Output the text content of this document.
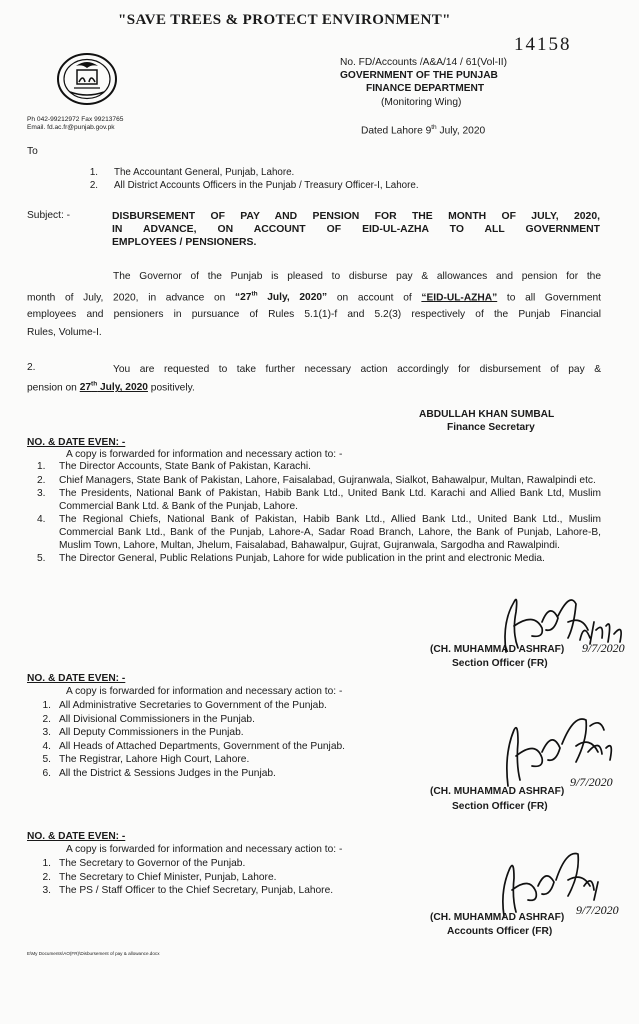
"SAVE TREES & PROTECT ENVIRONMENT"
14158
Ph 042-99212972 Fax 99213765
Email. fd.ac.fr@punjab.gov.pk
No. FD/Accounts /A&A/14 / 61(Vol-II)
GOVERNMENT OF THE PUNJAB
FINANCE DEPARTMENT
(Monitoring Wing)
Dated Lahore 9th July, 2020
To
1. The Accountant General, Punjab, Lahore.
2. All District Accounts Officers in the Punjab / Treasury Officer-I, Lahore.
Subject: -	DISBURSEMENT OF PAY AND PENSION FOR THE MONTH OF JULY, 2020,
IN ADVANCE, ON ACCOUNT OF EID-UL-AZHA TO ALL GOVERNMENT
EMPLOYEES / PENSIONERS.
The Governor of the Punjab is pleased to disburse pay & allowances and pension for the
month of July, 2020, in advance on “27th July, 2020” on account of “EID-UL-AZHA” to all Government
employees and pensioners in pursuance of Rules 5.1(1)-f and 5.2(3) respectively of the Punjab Financial
Rules, Volume-I.
2.	You are requested to take further necessary action accordingly for disbursement of pay &
pension on 27th July, 2020 positively.
ABDULLAH KHAN SUMBAL
Finance Secretary
NO. & DATE EVEN: -
A copy is forwarded for information and necessary action to: -
1.	The Director Accounts, State Bank of Pakistan, Karachi.
2.	Chief Managers, State Bank of Pakistan, Lahore, Faisalabad, Gujranwala, Sialkot, Bahawalpur, Multan, Rawalpindi etc.
3.	The Presidents, National Bank of Pakistan, Habib Bank Ltd., United Bank Ltd. Karachi and Allied Bank Ltd, Muslim Commercial Bank Ltd. & Bank of the Punjab, Lahore.
4.	The Regional Chiefs, National Bank of Pakistan, Habib Bank Ltd., Allied Bank Ltd., United Bank Ltd., Muslim Commercial Bank Ltd., Bank of the Punjab, Lahore-A, Sadar Road Branch, Lahore, the Bank of Punjab, Lahore-B, Muslim Town, Lahore, Multan, Jhelum, Faisalabad, Bahawalpur, Gujrat, Gujranwala, Sargodha and Rawalpindi.
5.	The Director General, Public Relations Punjab, Lahore for wide publication in the print and electronic Media.
(CH. MUHAMMAD ASHRAF)
Section Officer (FR)
9/7/2020
NO. & DATE EVEN: -
A copy is forwarded for information and necessary action to: -
1. All Administrative Secretaries to Government of the Punjab.
2. All Divisional Commissioners in the Punjab.
3. All Deputy Commissioners in the Punjab.
4. All Heads of Attached Departments, Government of the Punjab.
5. The Registrar, Lahore High Court, Lahore.
6. All the District & Sessions Judges in the Punjab.
9/7/2020
(CH. MUHAMMAD ASHRAF)
Section Officer (FR)
NO. & DATE EVEN: -
A copy is forwarded for information and necessary action to: -
1. The Secretary to Governor of the Punjab.
2. The Secretary to Chief Minister, Punjab, Lahore.
3. The PS / Staff Officer to the Chief Secretary, Punjab, Lahore.
9/7/2020
(CH. MUHAMMAD ASHRAF)
Accounts Officer (FR)
E\My Documents\AO(FR)\Disbursement of pay & allowance.docx
